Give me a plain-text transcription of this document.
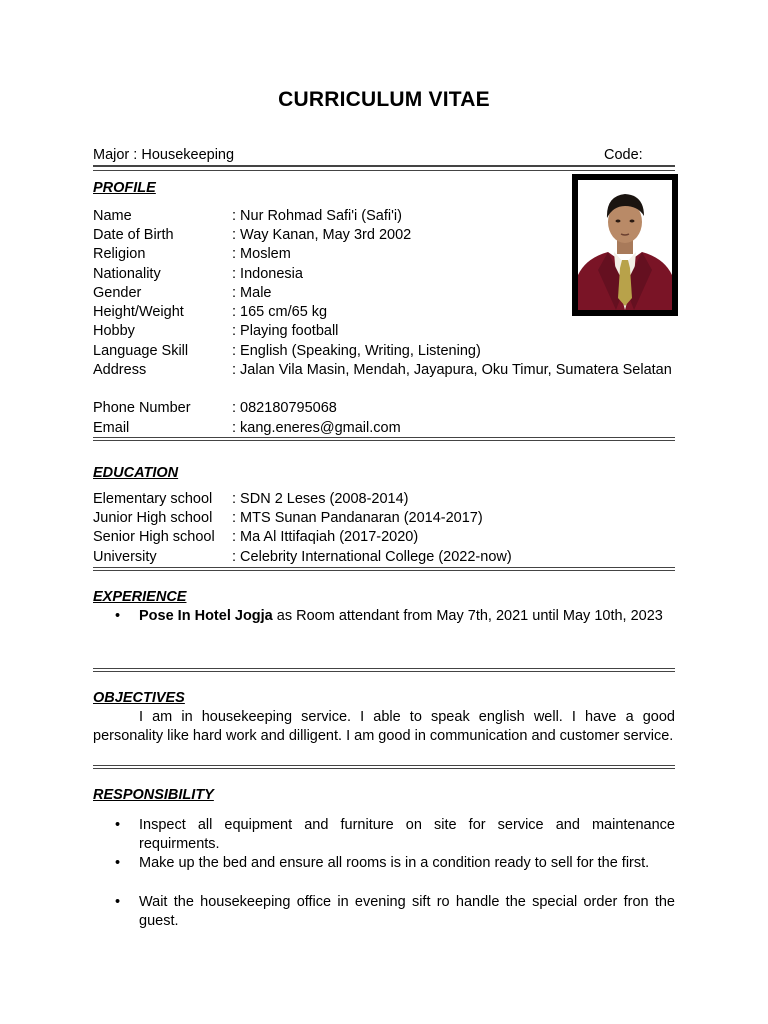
CURRICULUM VITAE
Major : Housekeeping	Code:
PROFILE
Name	: Nur Rohmad Safi'i (Safi'i)
Date of Birth	: Way Kanan, May 3rd 2002
Religion	: Moslem
Nationality	: Indonesia
Gender	: Male
Height/Weight	: 165 cm/65 kg
Hobby	: Playing football
Language Skill	: English (Speaking, Writing, Listening)
Address	: Jalan Vila Masin, Mendah, Jayapura, Oku Timur, Sumatera Selatan
Phone Number	: 082180795068
Email	: kang.eneres@gmail.com
EDUCATION
Elementary school : SDN 2 Leses (2008-2014)
Junior High school : MTS Sunan Pandanaran (2014-2017)
Senior High school : Ma Al Ittifaqiah (2017-2020)
University	: Celebrity International College (2022-now)
EXPERIENCE
• Pose In Hotel Jogja as Room attendant from May 7th, 2021 until May 10th, 2023
OBJECTIVES
I am in housekeeping service. I able to speak english well. I have a good personality like hard work and dilligent. I am good in communication and customer service.
RESPONSIBILITY
• Inspect all equipment and furniture on site for service and maintenance requirments.
• Make up the bed and ensure all rooms is in a condition ready to sell for the first.
• Wait the housekeeping office in evening sift ro handle the special order fron the guest.
